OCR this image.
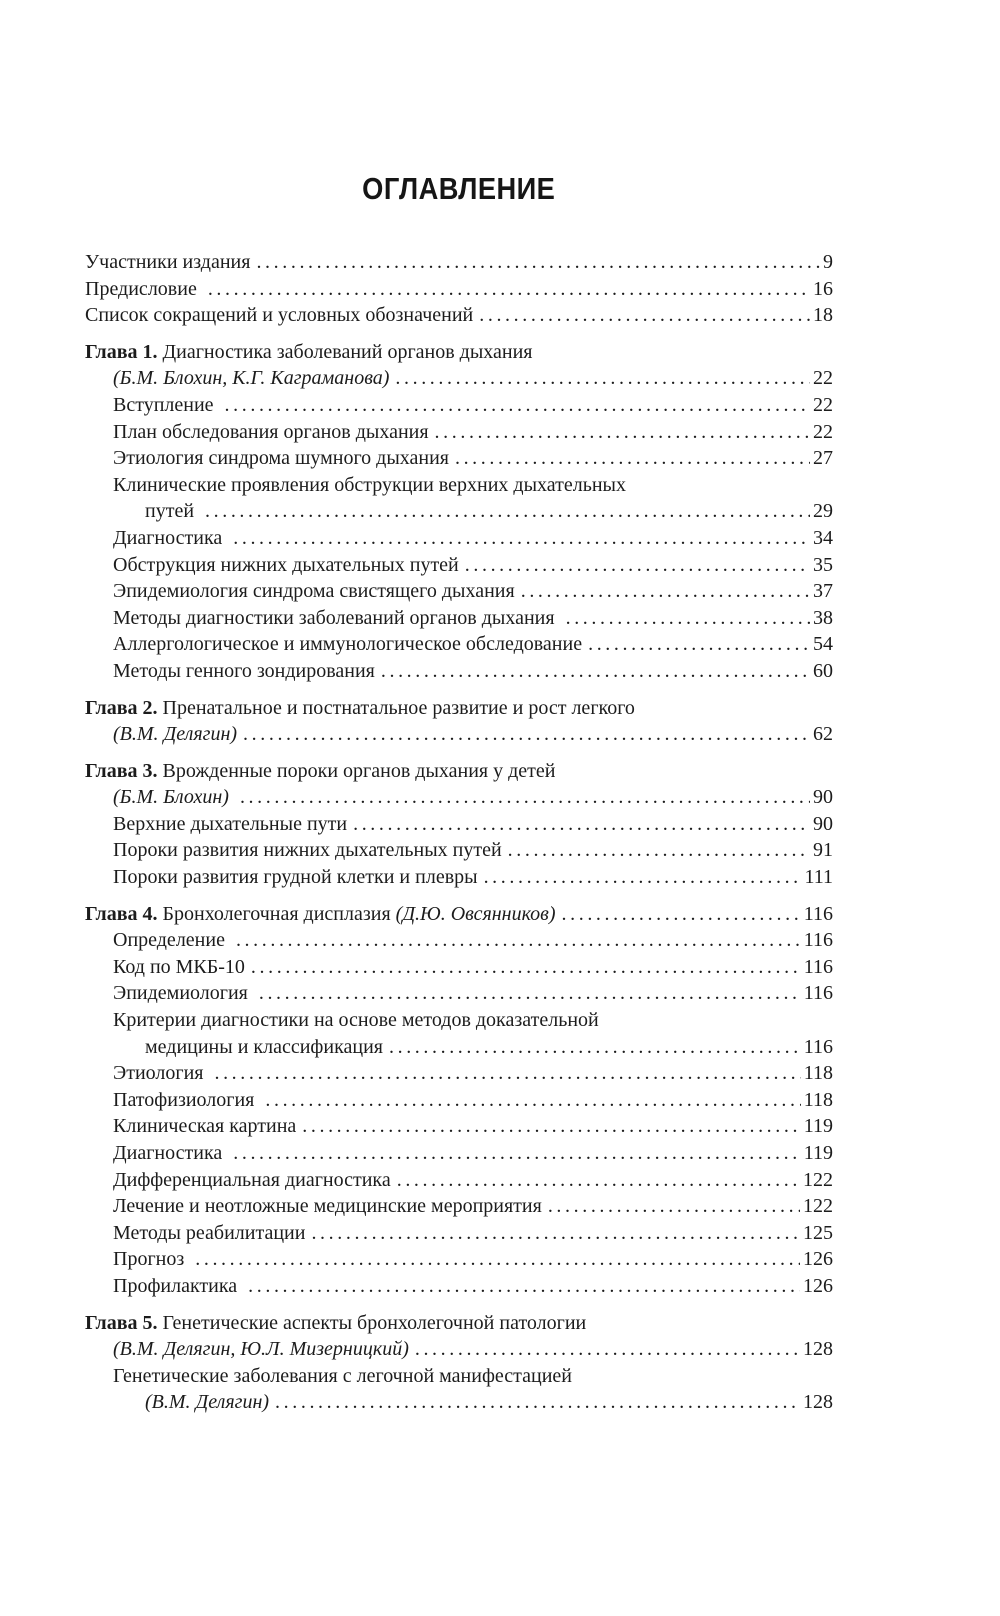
ОГЛАВЛЕНИЕ
Участники издания .....	9
Предисловие .....	16
Список сокращений и условных обозначений .....	18
Глава 1. Диагностика заболеваний органов дыхания
(Б.М. Блохин, К.Г. Каграманова) .....	22
Вступление .....	22
План обследования органов дыхания .....	22
Этиология синдрома шумного дыхания .....	27
Клинические проявления обструкции верхних дыхательных
путей .....	29
Диагностика .....	34
Обструкция нижних дыхательных путей .....	35
Эпидемиология синдрома свистящего дыхания .....	37
Методы диагностики заболеваний органов дыхания .....	38
Аллергологическое и иммунологическое обследование .....	54
Методы генного зондирования .....	60
Глава 2. Пренатальное и постнатальное развитие и рост легкого
(В.М. Делягин) .....	62
Глава 3. Врожденные пороки органов дыхания у детей
(Б.М. Блохин) .....	90
Верхние дыхательные пути .....	90
Пороки развития нижних дыхательных путей .....	91
Пороки развития грудной клетки и плевры .....	111
Глава 4. Бронхолегочная дисплазия (Д.Ю. Овсянников) .....	116
Определение .....	116
Код по МКБ-10 .....	116
Эпидемиология .....	116
Критерии диагностики на основе методов доказательной
медицины и классификация .....	116
Этиология .....	118
Патофизиология .....	118
Клиническая картина .....	119
Диагностика .....	119
Дифференциальная диагностика .....	122
Лечение и неотложные медицинские мероприятия .....	122
Методы реабилитации .....	125
Прогноз .....	126
Профилактика .....	126
Глава 5. Генетические аспекты бронхолегочной патологии
(В.М. Делягин, Ю.Л. Мизерницкий) .....	128
Генетические заболевания с легочной манифестацией
(В.М. Делягин) .....	128
